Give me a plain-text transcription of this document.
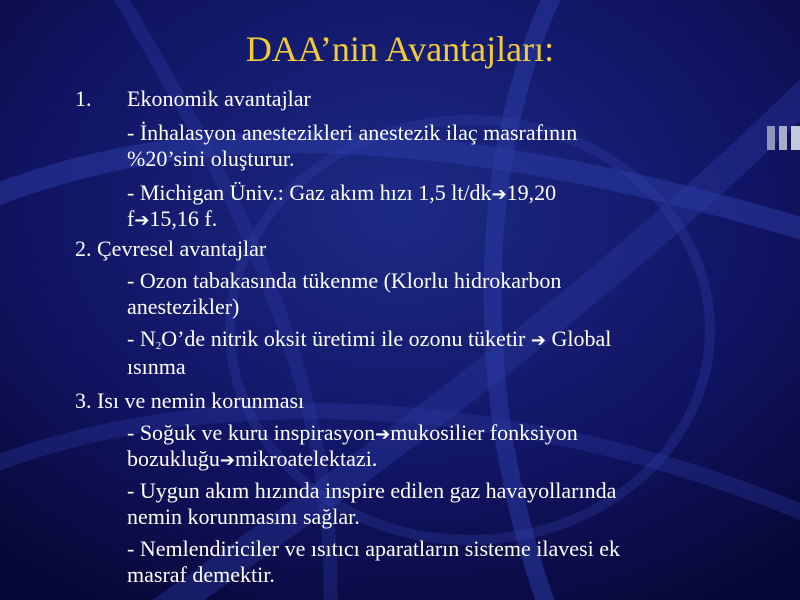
DAA’nin Avantajları:
1. Ekonomik avantajlar
- İnhalasyon anestezikleri anestezik ilaç masrafının
%20’sini oluşturur.
- Michigan Üniv.: Gaz akım hızı 1,5 lt/dk➔19,20
f➔15,16 f.
2. Çevresel avantajlar
- Ozon tabakasında tükenme (Klorlu hidrokarbon
anestezikler)
- $N_2O’de$ nitrik oksit üretimi ile ozonu tüketir ➔ Global
ısınma
3. Isı ve nemin korunması
- Soğuk ve kuru inspirasyon➔mukosilier fonksiyon
bozukluğu➔mikroatelektazi.
- Uygun akım hızında inspire edilen gaz havayollarında
nemin korunmasını sağlar.
- Nemlendiriciler ve ısıtıcı aparatların sisteme ilavesi ek
masraf demektir.
